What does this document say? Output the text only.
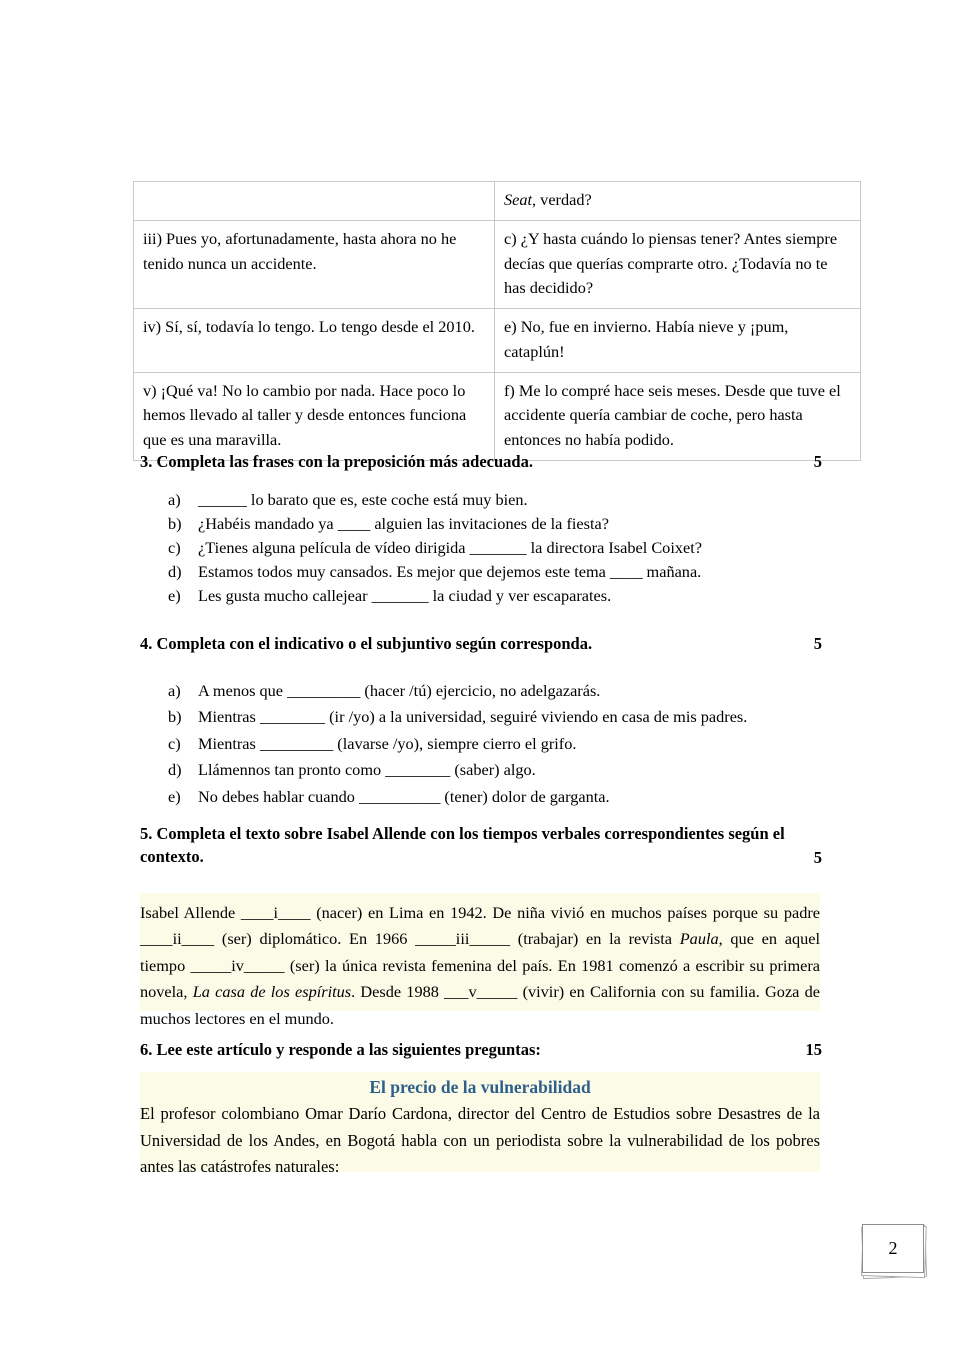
	Seat, verdad?
iii) Pues yo, afortunadamente, hasta ahora no he tenido nunca un accidente.	c) ¿Y hasta cuándo lo piensas tener? Antes siempre decías que querías comprarte otro. ¿Todavía no te has decidido?
iv) Sí, sí, todavía lo tengo. Lo tengo desde el 2010.	e) No, fue en invierno. Había nieve y ¡pum, cataplún!
v) ¡Qué va! No lo cambio por nada. Hace poco lo hemos llevado al taller y desde entonces funciona que es una maravilla.	f) Me lo compré hace seis meses. Desde que tuve el accidente quería cambiar de coche, pero hasta entonces no había podido.
5
3. Completa las frases con la preposición más adecuada.
a) ______ lo barato que es, este coche está muy bien.
b) ¿Habéis mandado ya ____ alguien las invitaciones de la fiesta?
c) ¿Tienes alguna película de vídeo dirigida _______ la directora Isabel Coixet?
d) Estamos todos muy cansados. Es mejor que dejemos este tema ____ mañana.
e) Les gusta mucho callejear _______ la ciudad y ver escaparates.
5
4. Completa con el indicativo o el subjuntivo según corresponda.
a) A menos que _________ (hacer /tú) ejercicio, no adelgazarás.
b) Mientras ________ (ir /yo) a la universidad, seguiré viviendo en casa de mis padres.
c) Mientras _________ (lavarse /yo), siempre cierro el grifo.
d) Llámennos tan pronto como ________ (saber) algo.
e) No debes hablar cuando __________ (tener) dolor de garganta.
5
5. Completa el texto sobre Isabel Allende con los tiempos verbales correspondientes según el contexto.
Isabel Allende ____i____ (nacer) en Lima en 1942. De niña vivió en muchos países porque su padre ____ii____ (ser) diplomático. En 1966 _____iii_____ (trabajar) en la revista Paula, que en aquel tiempo _____iv_____ (ser) la única revista femenina del país. En 1981 comenzó a escribir su primera novela, La casa de los espíritus. Desde 1988 ___v_____ (vivir) en California con su familia. Goza de muchos lectores en el mundo.
15
6. Lee este artículo y responde a las siguientes preguntas:
El precio de la vulnerabilidad
El profesor colombiano Omar Darío Cardona, director del Centro de Estudios sobre Desastres de la Universidad de los Andes, en Bogotá habla con un periodista sobre la vulnerabilidad de los pobres antes las catástrofes naturales:
2
